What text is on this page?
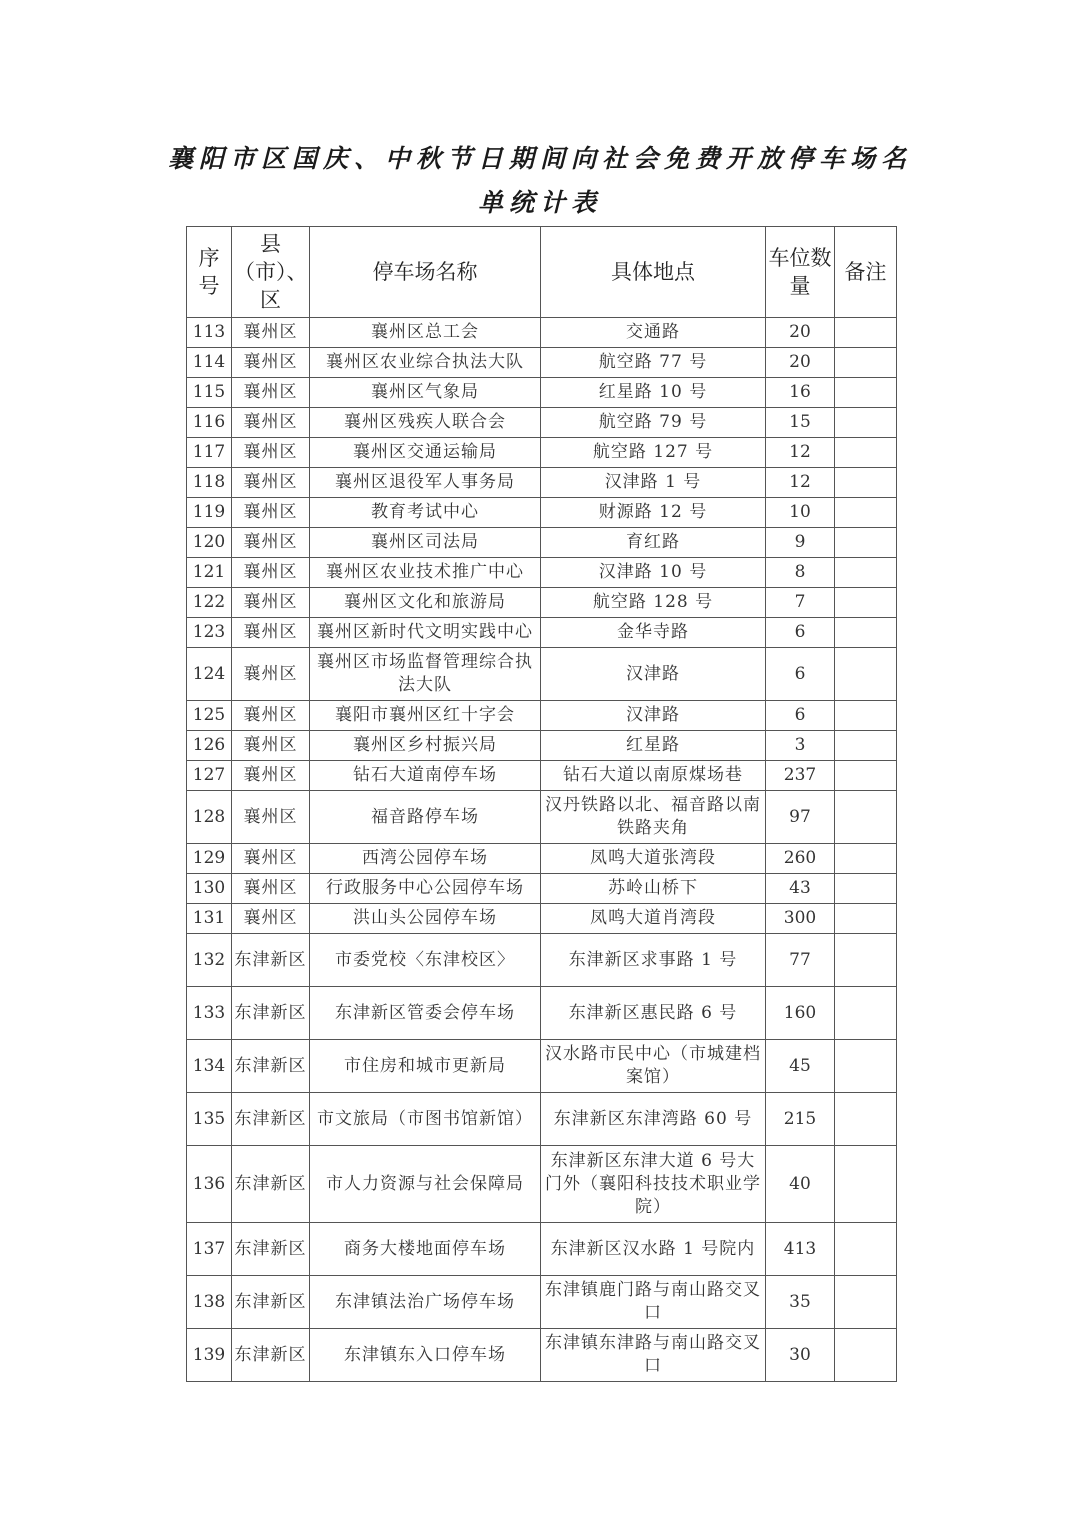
襄阳市区国庆、中秋节日期间向社会免费开放停车场名
单统计表
序号	县（市）、区	停车场名称	具体地点	车位数量	备注
113	襄州区	襄州区总工会	交通路	20	
114	襄州区	襄州区农业综合执法大队	航空路 77 号	20	
115	襄州区	襄州区气象局	红星路 10 号	16	
116	襄州区	襄州区残疾人联合会	航空路 79 号	15	
117	襄州区	襄州区交通运输局	航空路 127 号	12	
118	襄州区	襄州区退役军人事务局	汉津路 1 号	12	
119	襄州区	教育考试中心	财源路 12 号	10	
120	襄州区	襄州区司法局	育红路	9	
121	襄州区	襄州区农业技术推广中心	汉津路 10 号	8	
122	襄州区	襄州区文化和旅游局	航空路 128 号	7	
123	襄州区	襄州区新时代文明实践中心	金华寺路	6	
124	襄州区	襄州区市场监督管理综合执法大队	汉津路	6	
125	襄州区	襄阳市襄州区红十字会	汉津路	6	
126	襄州区	襄州区乡村振兴局	红星路	3	
127	襄州区	钻石大道南停车场	钻石大道以南原煤场巷	237	
128	襄州区	福音路停车场	汉丹铁路以北、福音路以南铁路夹角	97	
129	襄州区	西湾公园停车场	凤鸣大道张湾段	260	
130	襄州区	行政服务中心公园停车场	苏岭山桥下	43	
131	襄州区	洪山头公园停车场	凤鸣大道肖湾段	300	
132	东津新区	市委党校〈东津校区〉	东津新区求事路 1 号	77	
133	东津新区	东津新区管委会停车场	东津新区惠民路 6 号	160	
134	东津新区	市住房和城市更新局	汉水路市民中心（市城建档案馆）	45	
135	东津新区	市文旅局（市图书馆新馆）	东津新区东津湾路 60 号	215	
136	东津新区	市人力资源与社会保障局	东津新区东津大道 6 号大门外（襄阳科技技术职业学院）	40	
137	东津新区	商务大楼地面停车场	东津新区汉水路 1 号院内	413	
138	东津新区	东津镇法治广场停车场	东津镇鹿门路与南山路交叉口	35	
139	东津新区	东津镇东入口停车场	东津镇东津路与南山路交叉口	30	
